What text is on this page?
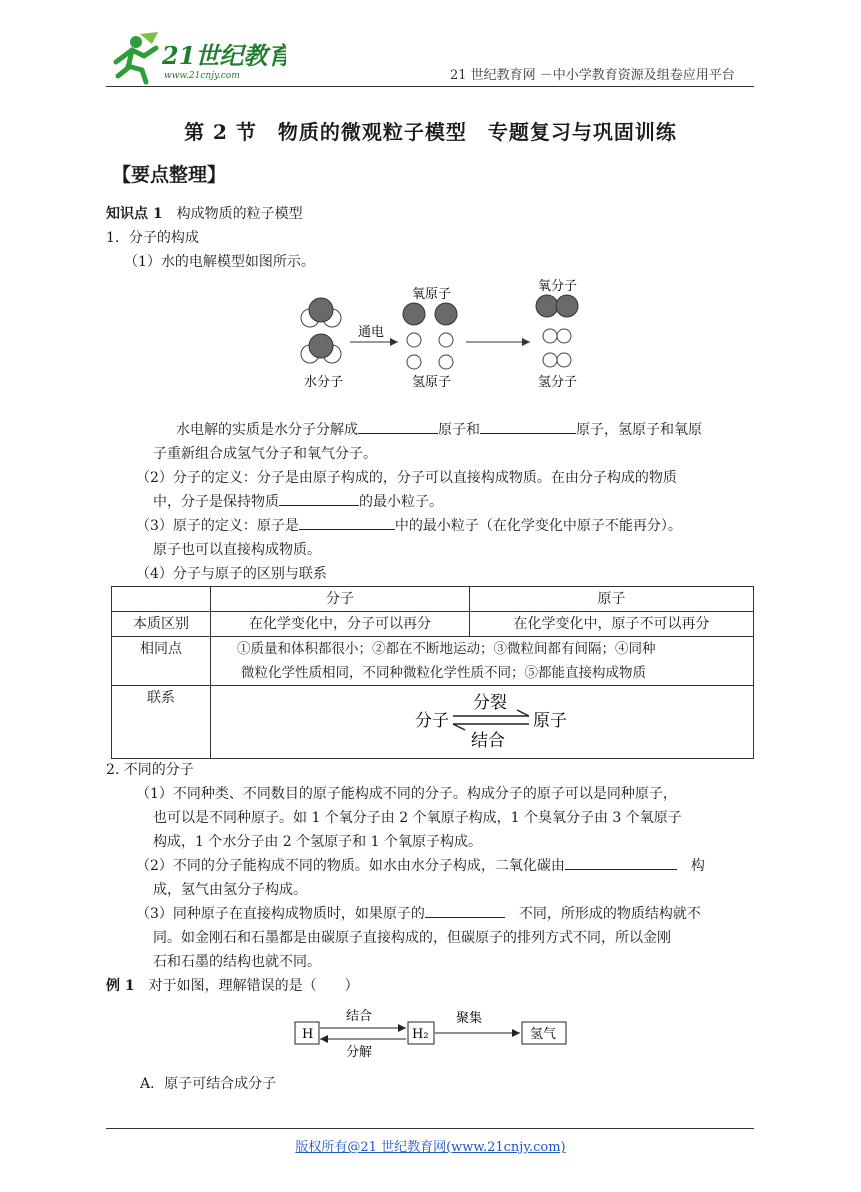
21世纪教育
www.21cnjy.com	21 世纪教育网 －中小学教育资源及组卷应用平台
第 2 节　物质的微观粒子模型　专题复习与巩固训练
【要点整理】
知识点 1　 构成物质的粒子模型
1．分子的构成
（1）水的电解模型如图所示。
水分子
通电
氧原子
氢原子
氧分子
氢分子
水电解的实质是水分子分解成	原子和	原子，氢原子和氧原
子重新组合成氢气分子和氧气分子。
（2）分子的定义：分子是由原子构成的，分子可以直接构成物质。在由分子构成的物质
中，分子是保持物质	的最小粒子。
（3）原子的定义：原子是	中的最小粒子（在化学变化中原子不能再分）。
原子也可以直接构成物质。
（4）分子与原子的区别与联系
	分子	原子
本质区别	在化学变化中，分子可以再分	在化学变化中，原子不可以再分
相同点	①质量和体积都很小；②都在不断地运动；③微粒间都有间隔；④同种
微粒化学性质相同，不同种微粒化学性质不同；⑤都能直接构成物质	

联系	分子
分裂
结合
原子	
2. 不同的分子
（1）不同种类、不同数目的原子能构成不同的分子。构成分子的原子可以是同种原子，
也可以是不同种原子。如 1 个氧分子由 2 个氧原子构成，1 个臭氧分子由 3 个氧原子
构成，1 个水分子由 2 个氢原子和 1 个氧原子构成。
（2）不同的分子能构成不同的物质。如水由水分子构成，二氧化碳由　	构
成，氢气由氢分子构成。
（3）同种原子在直接构成物质时，如果原子的　	不同，所形成的物质结构就不
同。如金刚石和石墨都是由碳原子直接构成的，但碳原子的排列方式不同，所以金刚
石和石墨的结构也就不同。
例 1　 对于如图，理解错误的是（　　）
H
结合
分解
H₂
聚集
氢气
A．原子可结合成分子
版权所有@21 世纪教育网(www.21cnjy.com)
